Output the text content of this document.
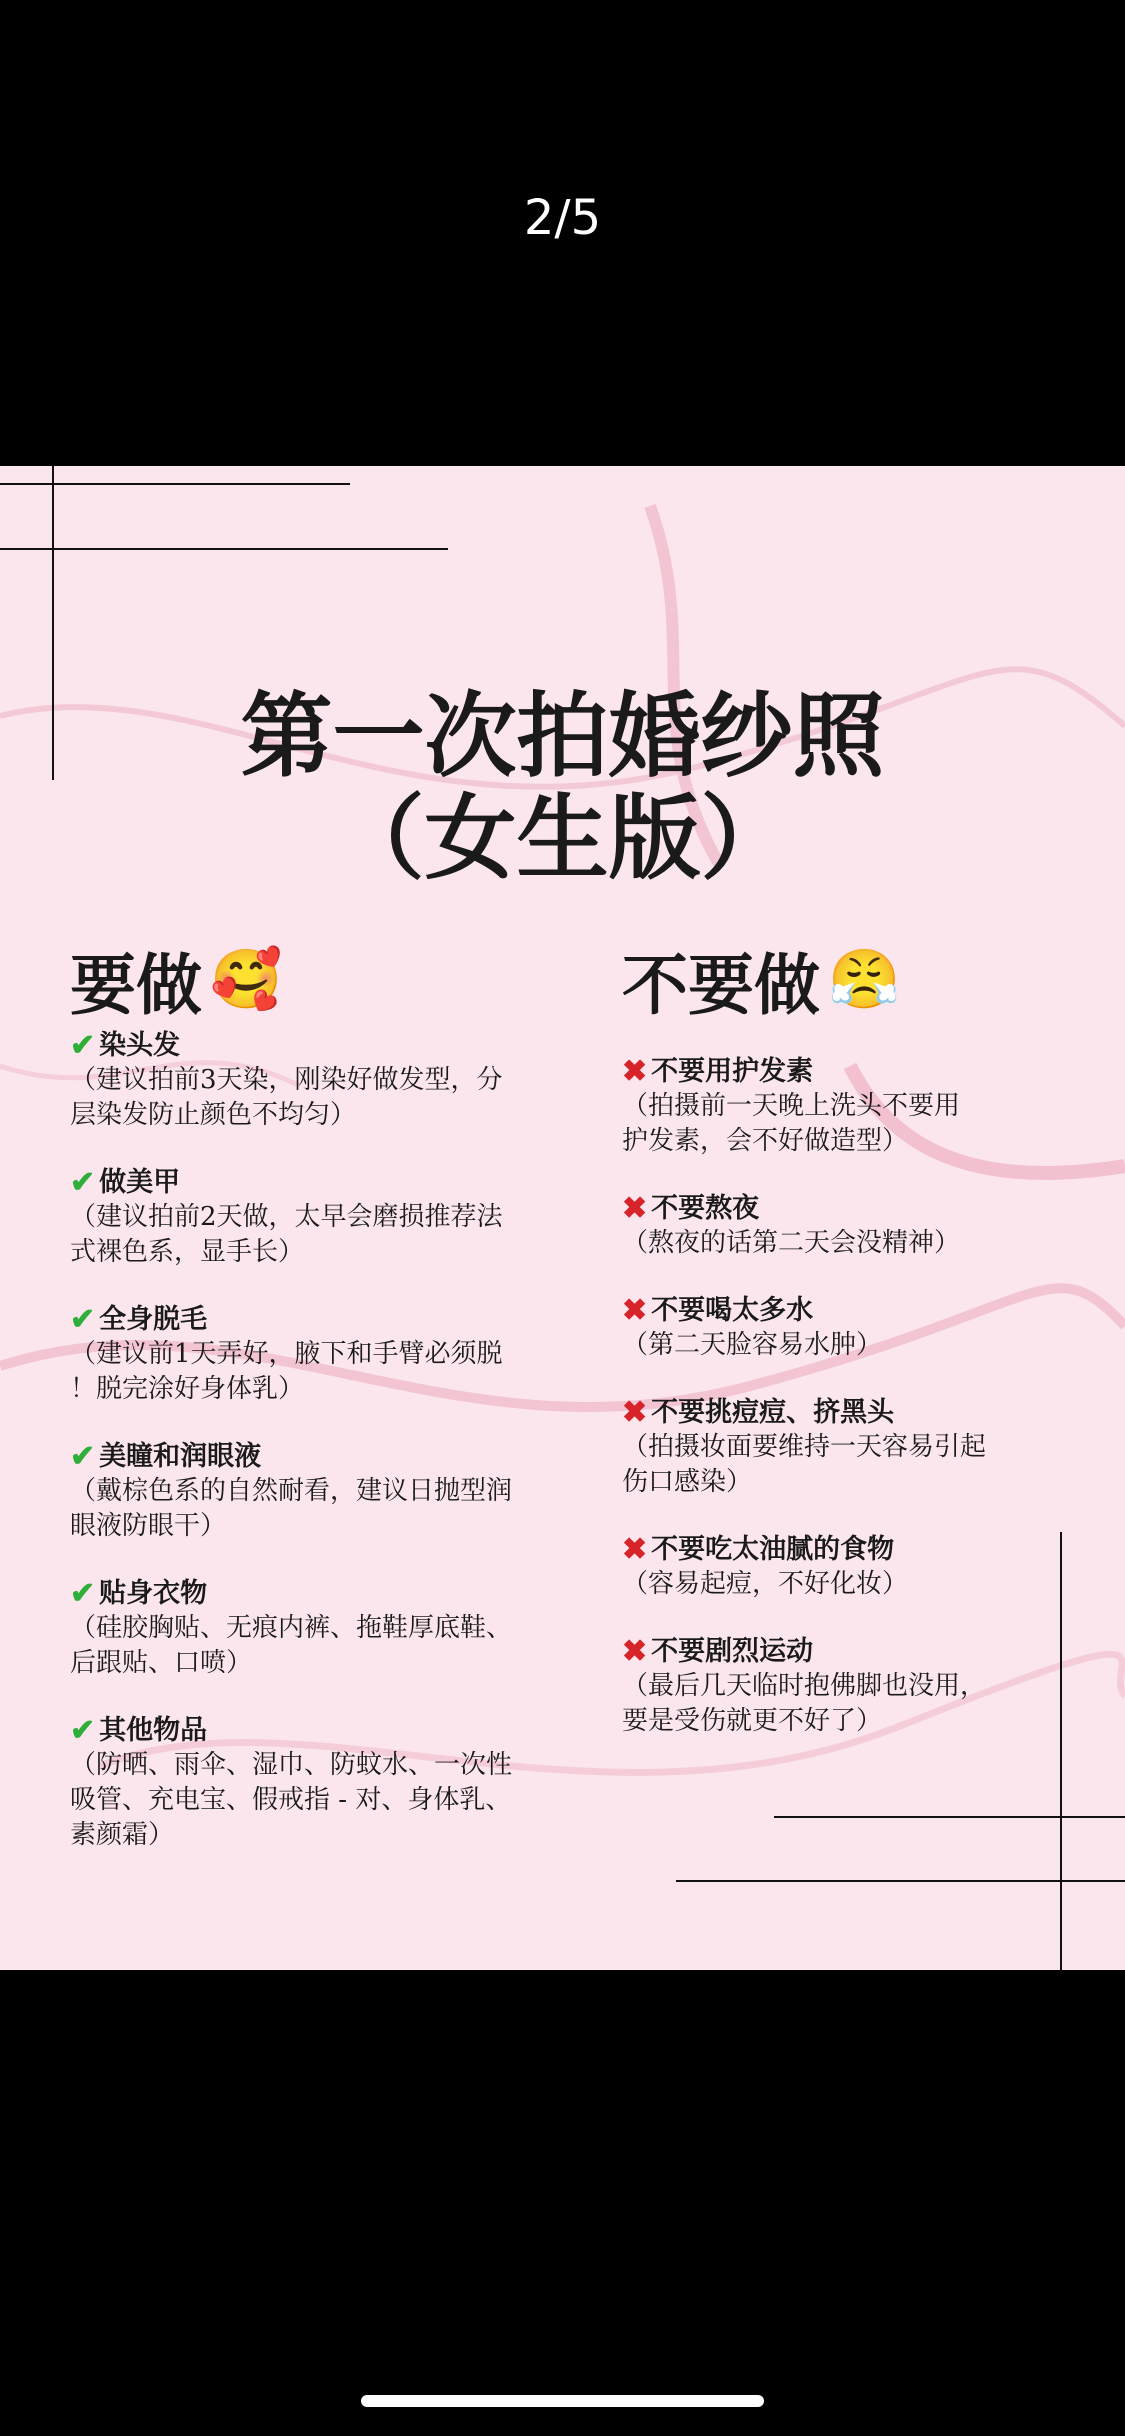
2/5
第一次拍婚纱照
（女生版）
要做 🥰
✔ 染头发
（建议拍前3天染，刚染好做发型，分
层染发防止颜色不均匀）
✔ 做美甲
（建议拍前2天做，太早会磨损推荐法
式裸色系，显手长）
✔ 全身脱毛
（建议前1天弄好，腋下和手臂必须脱
！脱完涂好身体乳）
✔ 美瞳和润眼液
（戴棕色系的自然耐看，建议日抛型润
眼液防眼干）
✔ 贴身衣物
（硅胶胸贴、无痕内裤、拖鞋厚底鞋、
后跟贴、口喷）
✔ 其他物品
（防晒、雨伞、湿巾、防蚊水、一次性
吸管、充电宝、假戒指 - 对、身体乳、
素颜霜）
不要做 😤
✖ 不要用护发素
（拍摄前一天晚上洗头不要用
护发素，会不好做造型）
✖ 不要熬夜
（熬夜的话第二天会没精神）
✖ 不要喝太多水
（第二天脸容易水肿）
✖ 不要挑痘痘、挤黑头
（拍摄妆面要维持一天容易引起
伤口感染）
✖ 不要吃太油腻的食物
（容易起痘，不好化妆）
✖ 不要剧烈运动
（最后几天临时抱佛脚也没用，
要是受伤就更不好了）
